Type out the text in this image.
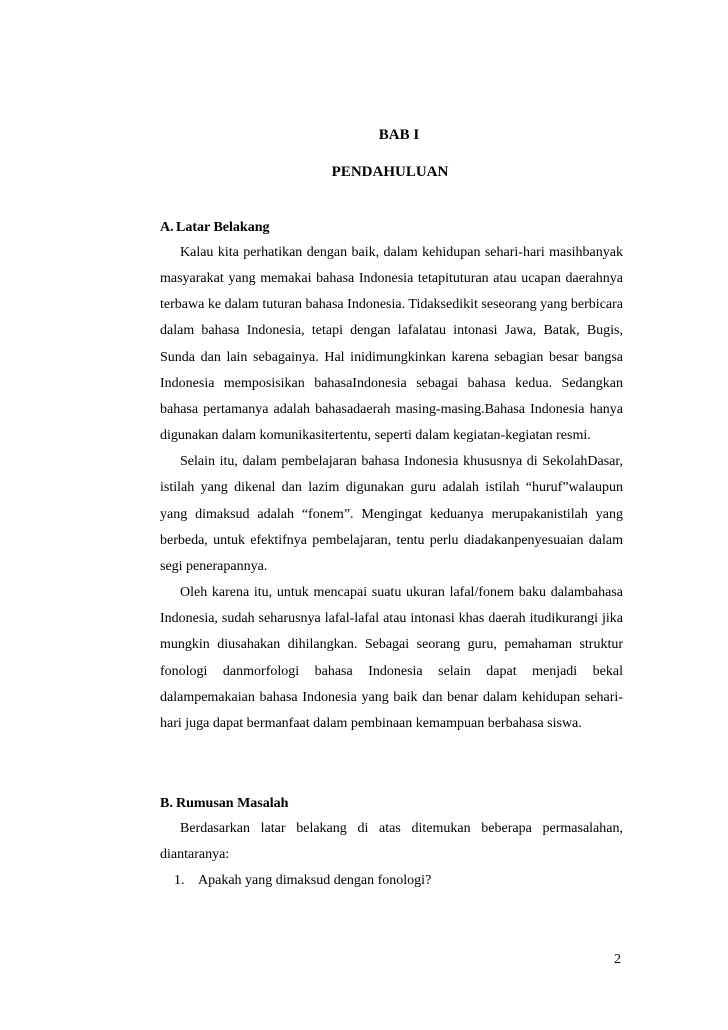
BAB I
PENDAHULUAN
A. Latar Belakang

Kalau kita perhatikan dengan baik, dalam kehidupan sehari-hari masihbanyak masyarakat yang memakai bahasa Indonesia tetapituturan atau ucapan daerahnya terbawa ke dalam tuturan bahasa Indonesia. Tidaksedikit seseorang yang berbicara dalam bahasa Indonesia, tetapi dengan lafalatau intonasi Jawa, Batak, Bugis, Sunda dan lain sebagainya. Hal inidimungkinkan karena sebagian besar bangsa Indonesia memposisikan bahasaIndonesia sebagai bahasa kedua. Sedangkan bahasa pertamanya adalah bahasadaerah masing-masing.Bahasa Indonesia hanya digunakan dalam komunikasitertentu, seperti dalam kegiatan-kegiatan resmi.

Selain itu, dalam pembelajaran bahasa Indonesia khususnya di SekolahDasar, istilah yang dikenal dan lazim digunakan guru adalah istilah “huruf”walaupun yang dimaksud adalah “fonem”. Mengingat keduanya merupakanistilah yang berbeda, untuk efektifnya pembelajaran, tentu perlu diadakanpenyesuaian dalam segi penerapannya.

Oleh karena itu, untuk mencapai suatu ukuran lafal/fonem baku dalambahasa Indonesia, sudah seharusnya lafal-lafal atau intonasi khas daerah itudikurangi jika mungkin diusahakan dihilangkan. Sebagai seorang guru, pemahaman struktur fonologi danmorfologi bahasa Indonesia selain dapat menjadi bekal dalampemakaian bahasa Indonesia yang baik dan benar dalam kehidupan sehari-hari juga dapat bermanfaat dalam pembinaan kemampuan berbahasa siswa.

B. Rumusan Masalah

Berdasarkan latar belakang di atas ditemukan beberapa permasalahan, diantaranya:

1. Apakah yang dimaksud dengan fonologi?
2
